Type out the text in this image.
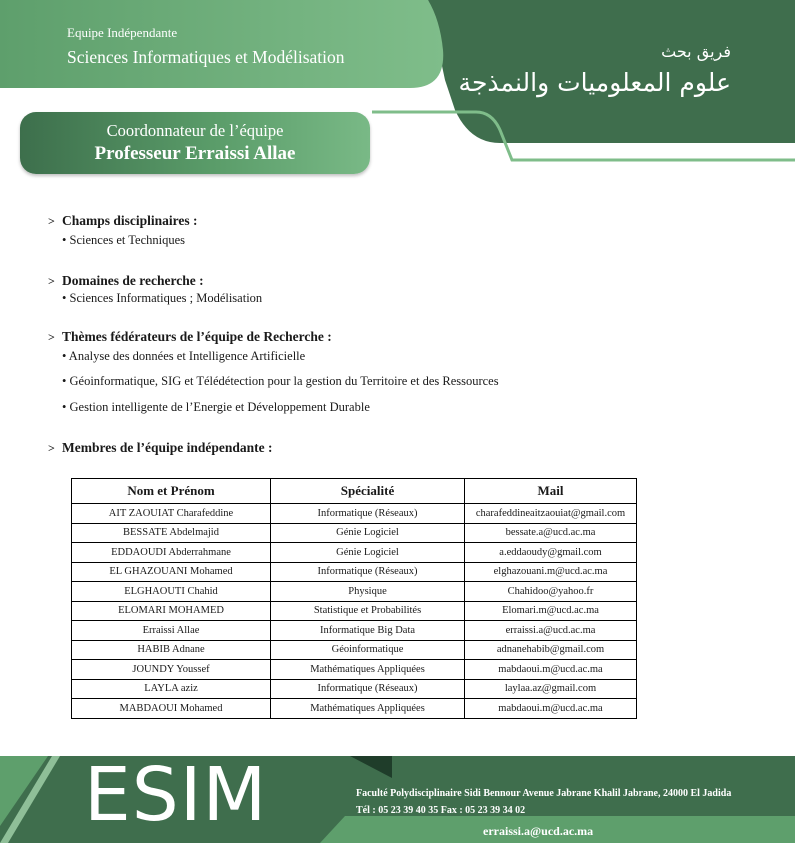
Equipe Indépendante
Sciences Informatiques et Modélisation	فريق بحث
علوم المعلوميات والنمذجة
Coordonnateur de l’équipe
Professeur Erraissi Allae
> Champs disciplinaires :
• Sciences et Techniques
> Domaines de recherche :
• Sciences Informatiques ; Modélisation
> Thèmes fédérateurs de l’équipe de Recherche :
• Analyse des données et Intelligence Artificielle
• Géoinformatique, SIG et Télédétection pour la gestion du Territoire et des Ressources
• Gestion intelligente de l’Energie et Développement Durable
> Membres de l’équipe indépendante :
Nom et Prénom	Spécialité	Mail
AIT ZAOUIAT Charafeddine	Informatique (Réseaux)	charafeddineaitzaouiat@gmail.com
BESSATE Abdelmajid	Génie Logiciel	bessate.a@ucd.ac.ma
EDDAOUDI Abderrahmane	Génie Logiciel	a.eddaoudy@gmail.com
EL GHAZOUANI Mohamed	Informatique (Réseaux)	elghazouani.m@ucd.ac.ma
ELGHAOUTI Chahid	Physique	Chahidoo@yahoo.fr
ELOMARI MOHAMED	Statistique et Probabilités	Elomari.m@ucd.ac.ma
Erraissi Allae	Informatique Big Data	erraissi.a@ucd.ac.ma
HABIB Adnane	Géoinformatique	adnanehabib@gmail.com
JOUNDY Youssef	Mathématiques Appliquées	mabdaoui.m@ucd.ac.ma
LAYLA aziz	Informatique (Réseaux)	laylaa.az@gmail.com
MABDAOUI Mohamed	Mathématiques Appliquées	mabdaoui.m@ucd.ac.ma
ESIM	Faculté Polydisciplinaire Sidi Bennour Avenue Jabrane Khalil Jabrane, 24000 El Jadida
Tél : 05 23 39 40 35 Fax : 05 23 39 34 02
erraissi.a@ucd.ac.ma
